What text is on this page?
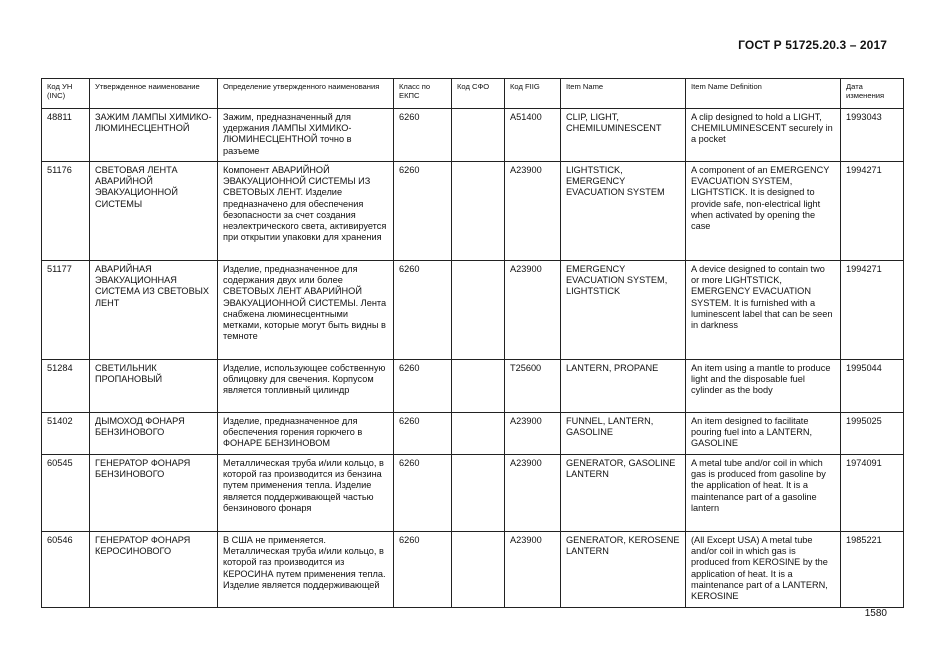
ГОСТ Р 51725.20.3 – 2017
Код УН (INC)	Утвержденное наименование	Определение утвержденного наименования	Класс по ЕКПС	Код СФО	Код FIIG	Item Name	Item Name Definition	Дата изменения
48811	ЗАЖИМ ЛАМПЫ ХИМИКО-ЛЮМИНЕСЦЕНТНОЙ	Зажим, предназначенный для удержания ЛАМПЫ ХИМИКО-ЛЮМИНЕСЦЕНТНОЙ точно в разъеме	6260		A51400	CLIP, LIGHT, CHEMILUMINESCENT	A clip designed to hold a LIGHT, CHEMILUMINESCENT securely in a pocket	1993043
51176	СВЕТОВАЯ ЛЕНТА АВАРИЙНОЙ ЭВАКУАЦИОННОЙ СИСТЕМЫ	Компонент АВАРИЙНОЙ ЭВАКУАЦИОННОЙ СИСТЕМЫ ИЗ СВЕТОВЫХ ЛЕНТ. Изделие предназначено для обеспечения безопасности за счет создания неэлектрического света, активируется при открытии упаковки для хранения	6260		A23900	LIGHTSTICK, EMERGENCY EVACUATION SYSTEM	A component of an EMERGENCY EVACUATION SYSTEM, LIGHTSTICK. It is designed to provide safe, non-electrical light when activated by opening the case	1994271
51177	АВАРИЙНАЯ ЭВАКУАЦИОННАЯ СИСТЕМА ИЗ СВЕТОВЫХ ЛЕНТ	Изделие, предназначенное для содержания двух или более СВЕТОВЫХ ЛЕНТ АВАРИЙНОЙ ЭВАКУАЦИОННОЙ СИСТЕМЫ. Лента снабжена люминесцентными метками, которые могут быть видны в темноте	6260		A23900	EMERGENCY EVACUATION SYSTEM, LIGHTSTICK	A device designed to contain two or more LIGHTSTICK, EMERGENCY EVACUATION SYSTEM. It is furnished with a luminescent label that can be seen in darkness	1994271
51284	СВЕТИЛЬНИК ПРОПАНОВЫЙ	Изделие, использующее собственную облицовку для свечения. Корпусом является топливный цилиндр	6260		T25600	LANTERN, PROPANE	An item using a mantle to produce light and the disposable fuel cylinder as the body	1995044
51402	ДЫМОХОД ФОНАРЯ БЕНЗИНОВОГО	Изделие, предназначенное для обеспечения горения горючего в ФОНАРЕ БЕНЗИНОВОМ	6260		A23900	FUNNEL, LANTERN, GASOLINE	An item designed to facilitate pouring fuel into a LANTERN, GASOLINE	1995025
60545	ГЕНЕРАТОР ФОНАРЯ БЕНЗИНОВОГО	Металлическая труба и/или кольцо, в которой газ производится из бензина путем применения тепла. Изделие является поддерживающей частью бензинового фонаря	6260		A23900	GENERATOR, GASOLINE LANTERN	A metal tube and/or coil in which gas is produced from gasoline by the application of heat. It is a maintenance part of a gasoline lantern	1974091
60546	ГЕНЕРАТОР ФОНАРЯ КЕРОСИНОВОГО	В США не применяется. Металлическая труба и/или кольцо, в которой газ производится из КЕРОСИНА путем применения тепла. Изделие является поддерживающей	6260		A23900	GENERATOR, KEROSENE LANTERN	(All Except USA) A metal tube and/or coil in which gas is produced from KEROSINE by the application of heat. It is a maintenance part of a LANTERN, KEROSINE	1985221
1580
